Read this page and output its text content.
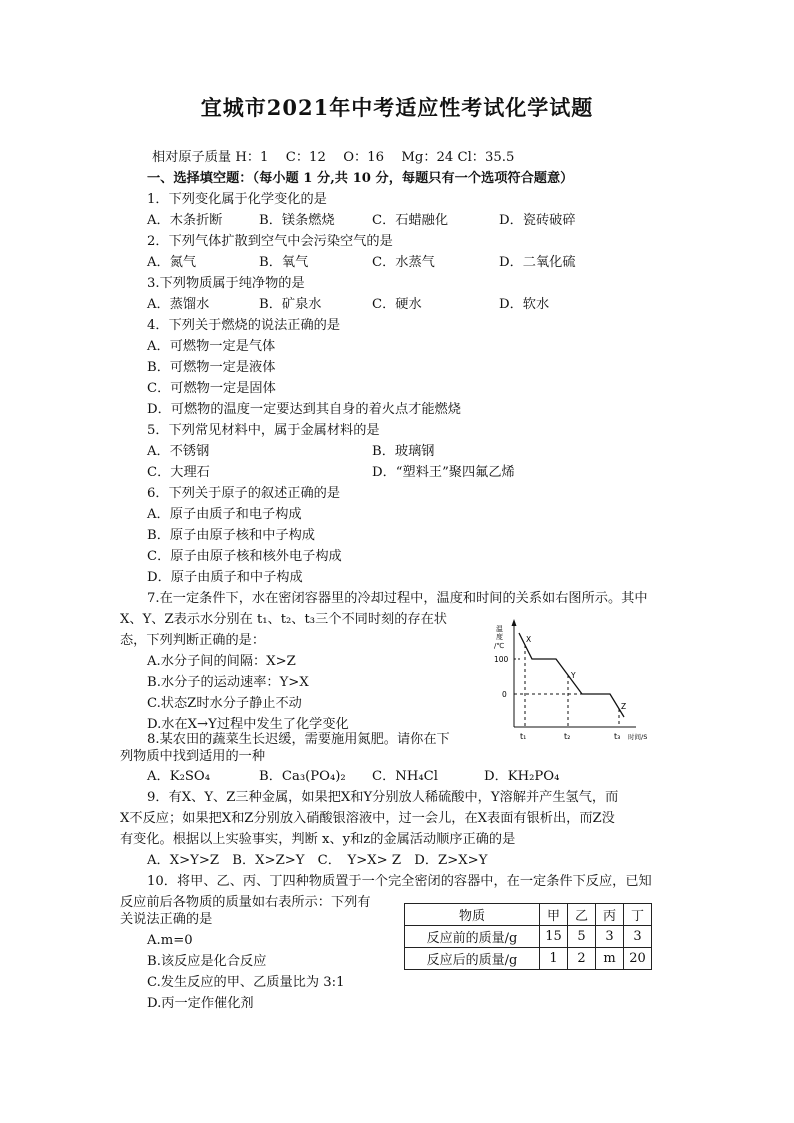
宜城市2021年中考适应性考试化学试题
相对原子质量 H：1　 C：12　 O：16　 Mg：24 Cl：35.5
一、选择填空题：（每小题 1 分,共 10 分，每题只有一个选项符合题意）
1．下列变化属于化学变化的是
A．木条折断	B．镁条燃烧	C．石蜡融化	D．瓷砖破碎
2．下列气体扩散到空气中会污染空气的是
A．氮气	B．氧气	C．水蒸气	D．二氧化硫
3.下列物质属于纯净物的是
A．蒸馏水	B．矿泉水	C．硬水	D．软水
4．下列关于燃烧的说法正确的是
A．可燃物一定是气体
B．可燃物一定是液体
C．可燃物一定是固体
D．可燃物的温度一定要达到其自身的着火点才能燃烧
5．下列常见材料中，属于金属材料的是
A．不锈钢	B．玻璃钢
C．大理石	D．“塑料王”聚四氟乙烯
6．下列关于原子的叙述正确的是
A．原子由质子和电子构成
B．原子由原子核和中子构成
C．原子由原子核和核外电子构成
D．原子由质子和中子构成
7.在一定条件下，水在密闭容器里的冷却过程中，温度和时间的关系如右图所示。其中
X、Y、Z表示水分别在 t₁、t₂、t₃三个不同时刻的存在状
态，下列判断正确的是：
A.水分子间的间隔：X>Z
B.水分子的运动速率：Y>X
C.状态Z时水分子静止不动
D.水在X→Y过程中发生了化学变化
温
度
/℃
100
0
X
Y
Z
t₁	t₂	t₃ 时间/S
8.某农田的蔬菜生长迟缓，需要施用氮肥。请你在下
列物质中找到适用的一种
A．K₂SO₄	B．Ca₃(PO₄)₂ C．NH₄Cl	D．KH₂PO₄
9．有X、Y、Z三种金属，如果把X和Y分别放人稀硫酸中，Y溶解并产生氢气，而
X不反应；如果把X和Z分别放入硝酸银溶液中，过一会儿，在X表面有银析出，而Z没
有变化。根据以上实验事实，判断 x、y和z的金属活动顺序正确的是
A．X>Y>Z　B．X>Z>Y　C．　Y>X> Z　D．Z>X>Y
10．将甲、乙、丙、丁四种物质置于一个完全密闭的容器中，在一定条件下反应，已知
反应前后各物质的质量如右表所示：下列有
关说法正确的是
A.m=0
B.该反应是化合反应
C.发生反应的甲、乙质量比为 3:1
D.丙一定作催化剂
物质	甲	乙	丙	丁
反应前的质量/g	15	5	3	3
反应后的质量/g	1	2	m	20
